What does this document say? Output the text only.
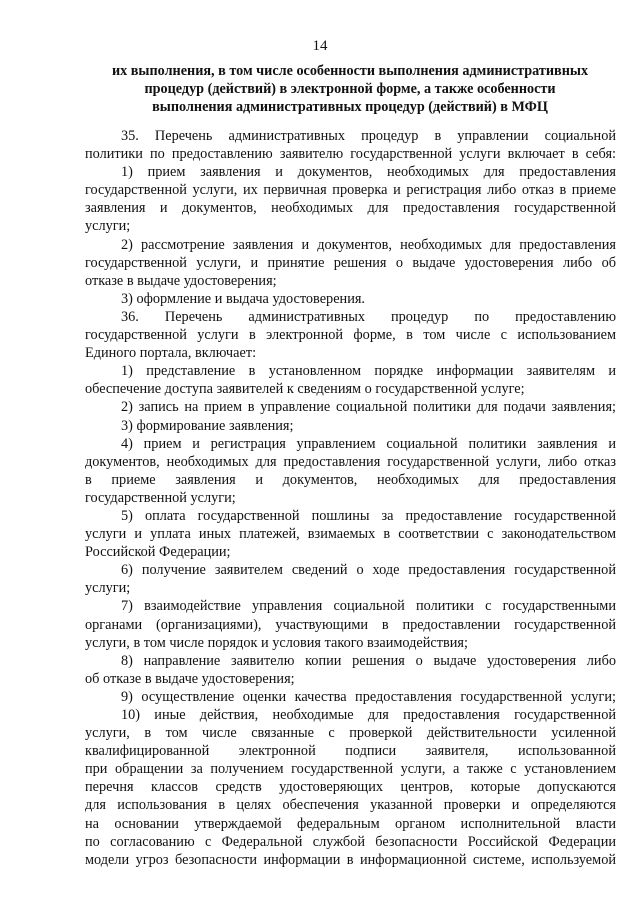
14
их выполнения, в том числе особенности выполнения административных
процедур (действий) в электронной форме, а также особенности
выполнения административных процедур (действий) в МФЦ
35. Перечень административных процедур в управлении социальной
политики по предоставлению заявителю государственной услуги включает в себя:
1) прием заявления и документов, необходимых для предоставления
государственной услуги, их первичная проверка и регистрация либо отказ в приеме
заявления и документов, необходимых для предоставления государственной
услуги;
2) рассмотрение заявления и документов, необходимых для предоставления
государственной услуги, и принятие решения о выдаче удостоверения либо об
отказе в выдаче удостоверения;
3) оформление и выдача удостоверения.
36. Перечень административных процедур по предоставлению
государственной услуги в электронной форме, в том числе с использованием
Единого портала, включает:
1) представление в установленном порядке информации заявителям и
обеспечение доступа заявителей к сведениям о государственной услуге;
2) запись на прием в управление социальной политики для подачи заявления;
3) формирование заявления;
4) прием и регистрация управлением социальной политики заявления и
документов, необходимых для предоставления государственной услуги, либо отказ
в приеме заявления и документов, необходимых для предоставления
государственной услуги;
5) оплата государственной пошлины за предоставление государственной
услуги и уплата иных платежей, взимаемых в соответствии с законодательством
Российской Федерации;
6) получение заявителем сведений о ходе предоставления государственной
услуги;
7) взаимодействие управления социальной политики с государственными
органами (организациями), участвующими в предоставлении государственной
услуги, в том числе порядок и условия такого взаимодействия;
8) направление заявителю копии решения о выдаче удостоверения либо
об отказе в выдаче удостоверения;
9) осуществление оценки качества предоставления государственной услуги;
10) иные действия, необходимые для предоставления государственной
услуги, в том числе связанные с проверкой действительности усиленной
квалифицированной электронной подписи заявителя, использованной
при обращении за получением государственной услуги, а также с установлением
перечня классов средств удостоверяющих центров, которые допускаются
для использования в целях обеспечения указанной проверки и определяются
на основании утверждаемой федеральным органом исполнительной власти
по согласованию с Федеральной службой безопасности Российской Федерации
модели угроз безопасности информации в информационной системе, используемой
